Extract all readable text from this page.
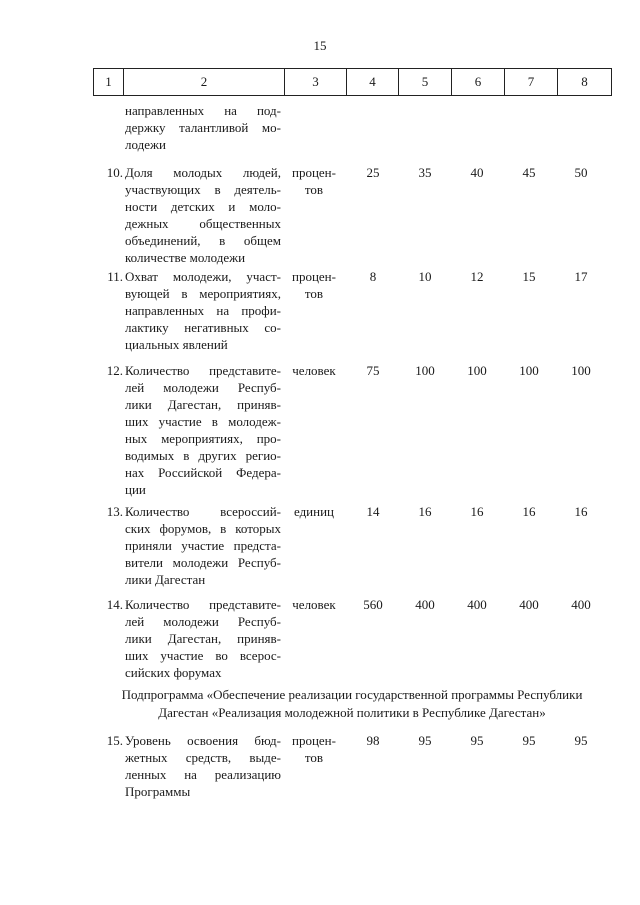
15
1	2	3	4	5	6	7	8
направленных на под-
держку талантливой мо-
лодежи
10. Доля молодых людей,
участвующих в деятель-
ности детских и моло-
дежных общественных
объединений, в общем
количестве молодежи
процен-
тов
25	35	40	45	50
11. Охват молодежи, участ-
вующей в мероприятиях,
направленных на профи-
лактику негативных со-
циальных явлений
процен-
тов
8	10	12	15	17
12. Количество представите-
лей молодежи Респуб-
лики Дагестан, приняв-
ших участие в молодеж-
ных мероприятиях, про-
водимых в других регио-
нах Российской Федера-
ции
человек	75	100	100	100	100
13. Количество всероссий-
ских форумов, в которых
приняли участие предста-
вители молодежи Респуб-
лики Дагестан
единиц	14	16	16	16	16
14. Количество представите-
лей молодежи Респуб-
лики Дагестан, приняв-
ших участие во всерос-
сийских форумах
человек	560	400	400	400	400
Подпрограмма «Обеспечение реализации государственной программы Республики
Дагестан «Реализация молодежной политики в Республике Дагестан»
15. Уровень освоения бюд-
жетных средств, выде-
ленных на реализацию
Программы
процен-
тов
98	95	95	95	95
